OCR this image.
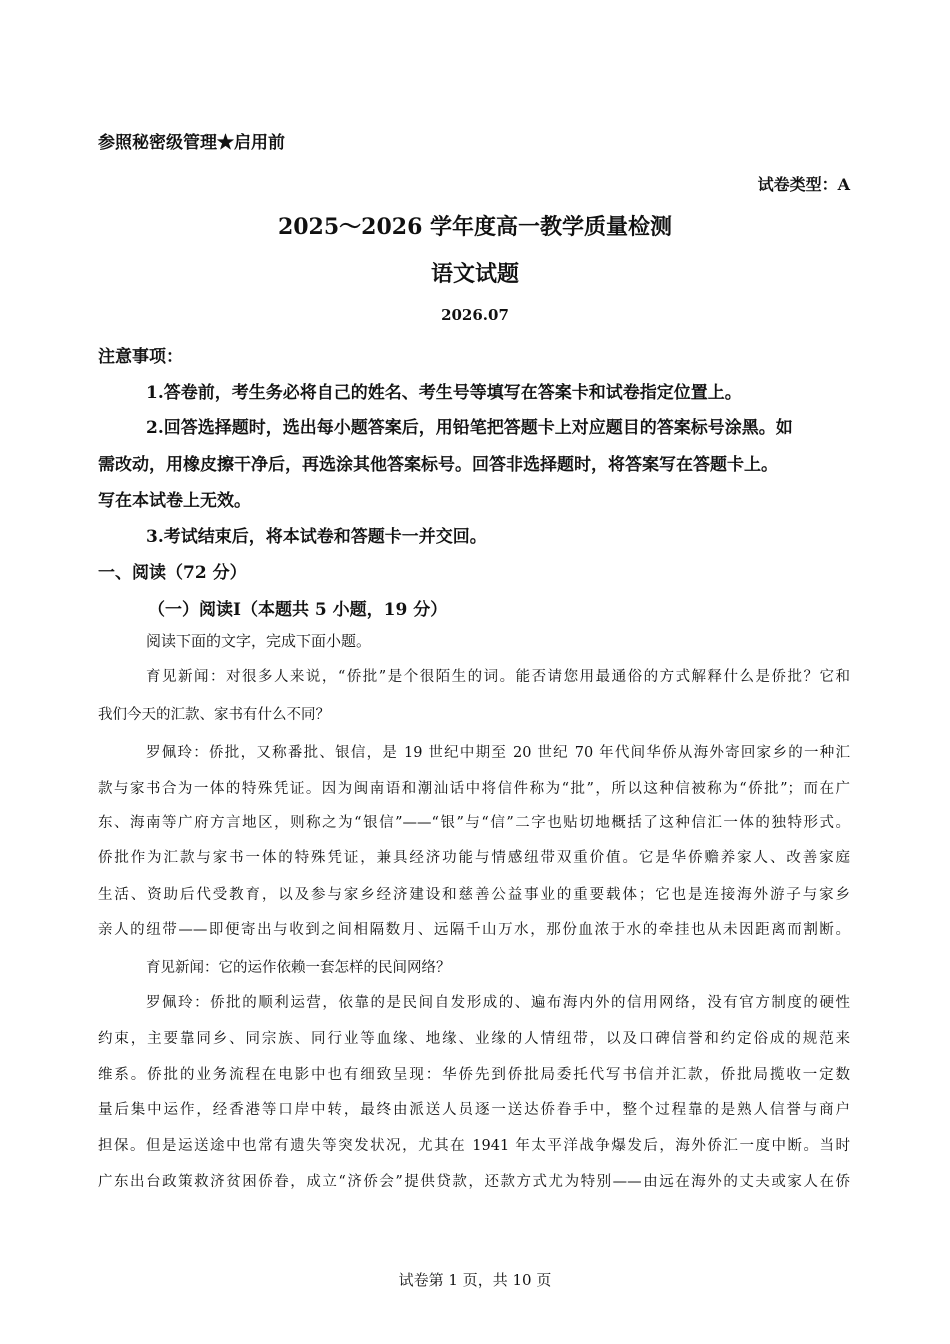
参照秘密级管理★启用前
试卷类型：A
2025～2026 学年度高一教学质量检测
语文试题
2026.07
注意事项：
1.答卷前，考生务必将自己的姓名、考生号等填写在答案卡和试卷指定位置上。
2.回答选择题时，选出每小题答案后，用铅笔把答题卡上对应题目的答案标号涂黑。如
需改动，用橡皮擦干净后，再选涂其他答案标号。回答非选择题时，将答案写在答题卡上。
写在本试卷上无效。
3.考试结束后，将本试卷和答题卡一并交回。
一、阅读（72 分）
（一）阅读I（本题共 5 小题，19 分）
阅读下面的文字，完成下面小题。
育见新闻：对很多人来说，“侨批”是个很陌生的词。能否请您用最通俗的方式解释什么是侨批？它和
我们今天的汇款、家书有什么不同？
罗佩玲：侨批，又称番批、银信，是 19 世纪中期至 20 世纪 70 年代间华侨从海外寄回家乡的一种汇
款与家书合为一体的特殊凭证。因为闽南语和潮汕话中将信件称为“批”，所以这种信被称为“侨批”；而在广
东、海南等广府方言地区，则称之为“银信”——“银”与“信”二字也贴切地概括了这种信汇一体的独特形式。
侨批作为汇款与家书一体的特殊凭证，兼具经济功能与情感纽带双重价值。它是华侨赡养家人、改善家庭
生活、资助后代受教育，以及参与家乡经济建设和慈善公益事业的重要载体；它也是连接海外游子与家乡
亲人的纽带——即便寄出与收到之间相隔数月、远隔千山万水，那份血浓于水的牵挂也从未因距离而割断。
育见新闻：它的运作依赖一套怎样的民间网络？
罗佩玲：侨批的顺利运营，依靠的是民间自发形成的、遍布海内外的信用网络，没有官方制度的硬性
约束，主要靠同乡、同宗族、同行业等血缘、地缘、业缘的人情纽带，以及口碑信誉和约定俗成的规范来
维系。侨批的业务流程在电影中也有细致呈现：华侨先到侨批局委托代写书信并汇款，侨批局揽收一定数
量后集中运作，经香港等口岸中转，最终由派送人员逐一送达侨眷手中，整个过程靠的是熟人信誉与商户
担保。但是运送途中也常有遗失等突发状况，尤其在 1941 年太平洋战争爆发后，海外侨汇一度中断。当时
广东出台政策救济贫困侨眷，成立“济侨会”提供贷款，还款方式尤为特别——由远在海外的丈夫或家人在侨
试卷第 1 页，共 10 页
